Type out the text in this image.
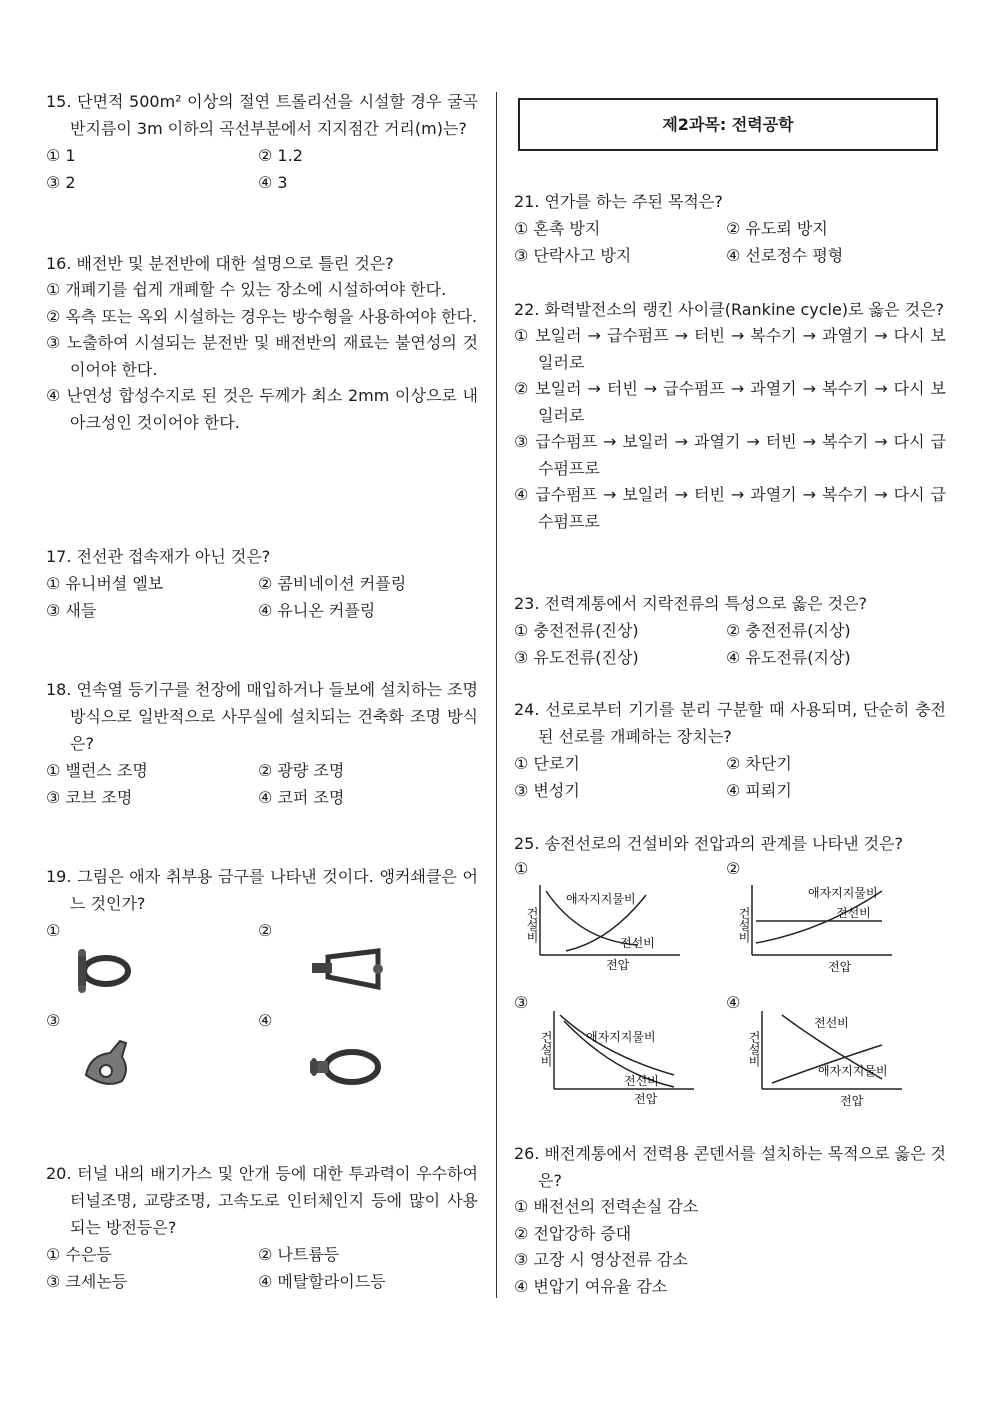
15. 단면적 500m² 이상의 절연 트롤리선을 시설할 경우 굴곡 반지름이 3m 이하의 곡선부분에서 지지점간 거리(m)는?
① 1	② 1.2
③ 2	④ 3
16. 배전반 및 분전반에 대한 설명으로 틀린 것은?
① 개폐기를 쉽게 개폐할 수 있는 장소에 시설하여야 한다.
② 옥측 또는 옥외 시설하는 경우는 방수형을 사용하여야 한다.
③ 노출하여 시설되는 분전반 및 배전반의 재료는 불연성의 것이어야 한다.
④ 난연성 합성수지로 된 것은 두께가 최소 2mm 이상으로 내아크성인 것이어야 한다.
17. 전선관 접속재가 아닌 것은?
① 유니버셜 엘보	② 콤비네이션 커플링
③ 새들	④ 유니온 커플링
18. 연속열 등기구를 천장에 매입하거나 들보에 설치하는 조명방식으로 일반적으로 사무실에 설치되는 건축화 조명 방식은?
① 밸런스 조명	② 광량 조명
③ 코브 조명	④ 코퍼 조명
19. 그림은 애자 취부용 금구를 나타낸 것이다. 앵커쇄클은 어느 것인가?
①	②
③	④
20. 터널 내의 배기가스 및 안개 등에 대한 투과력이 우수하여 터널조명, 교량조명, 고속도로 인터체인지 등에 많이 사용되는 방전등은?
① 수은등	② 나트륨등
③ 크세논등	④ 메탈할라이드등
제2과목: 전력공학
21. 연가를 하는 주된 목적은?
① 혼촉 방지	② 유도뢰 방지
③ 단락사고 방지	④ 선로정수 평형
22. 화력발전소의 랭킨 사이클(Rankine cycle)로 옳은 것은?
① 보일러 → 급수펌프 → 터빈 → 복수기 → 과열기 → 다시 보일러로
② 보일러 → 터빈 → 급수펌프 → 과열기 → 복수기 → 다시 보일러로
③ 급수펌프 → 보일러 → 과열기 → 터빈 → 복수기 → 다시 급수펌프로
④ 급수펌프 → 보일러 → 터빈 → 과열기 → 복수기 → 다시 급수펌프로
23. 전력계통에서 지락전류의 특성으로 옳은 것은?
① 충전전류(진상)	② 충전전류(지상)
③ 유도전류(진상)	④ 유도전류(지상)
24. 선로로부터 기기를 분리 구분할 때 사용되며, 단순히 충전된 선로를 개폐하는 장치는?
① 단로기	② 차단기
③ 변성기	④ 피뢰기
25. 송전선로의 건설비와 전압과의 관계를 나타낸 것은?
①	②
③	④
건설비
애자지지물비
전선비
전압
건설비
애자지지물비
전선비
전압
건설비	애자지지물비
전선비
전압
건설비
전선비
애자지지물비
전압
26. 배전계통에서 전력용 콘덴서를 설치하는 목적으로 옳은 것은?
① 배전선의 전력손실 감소
② 전압강하 증대
③ 고장 시 영상전류 감소
④ 변압기 여유율 감소
